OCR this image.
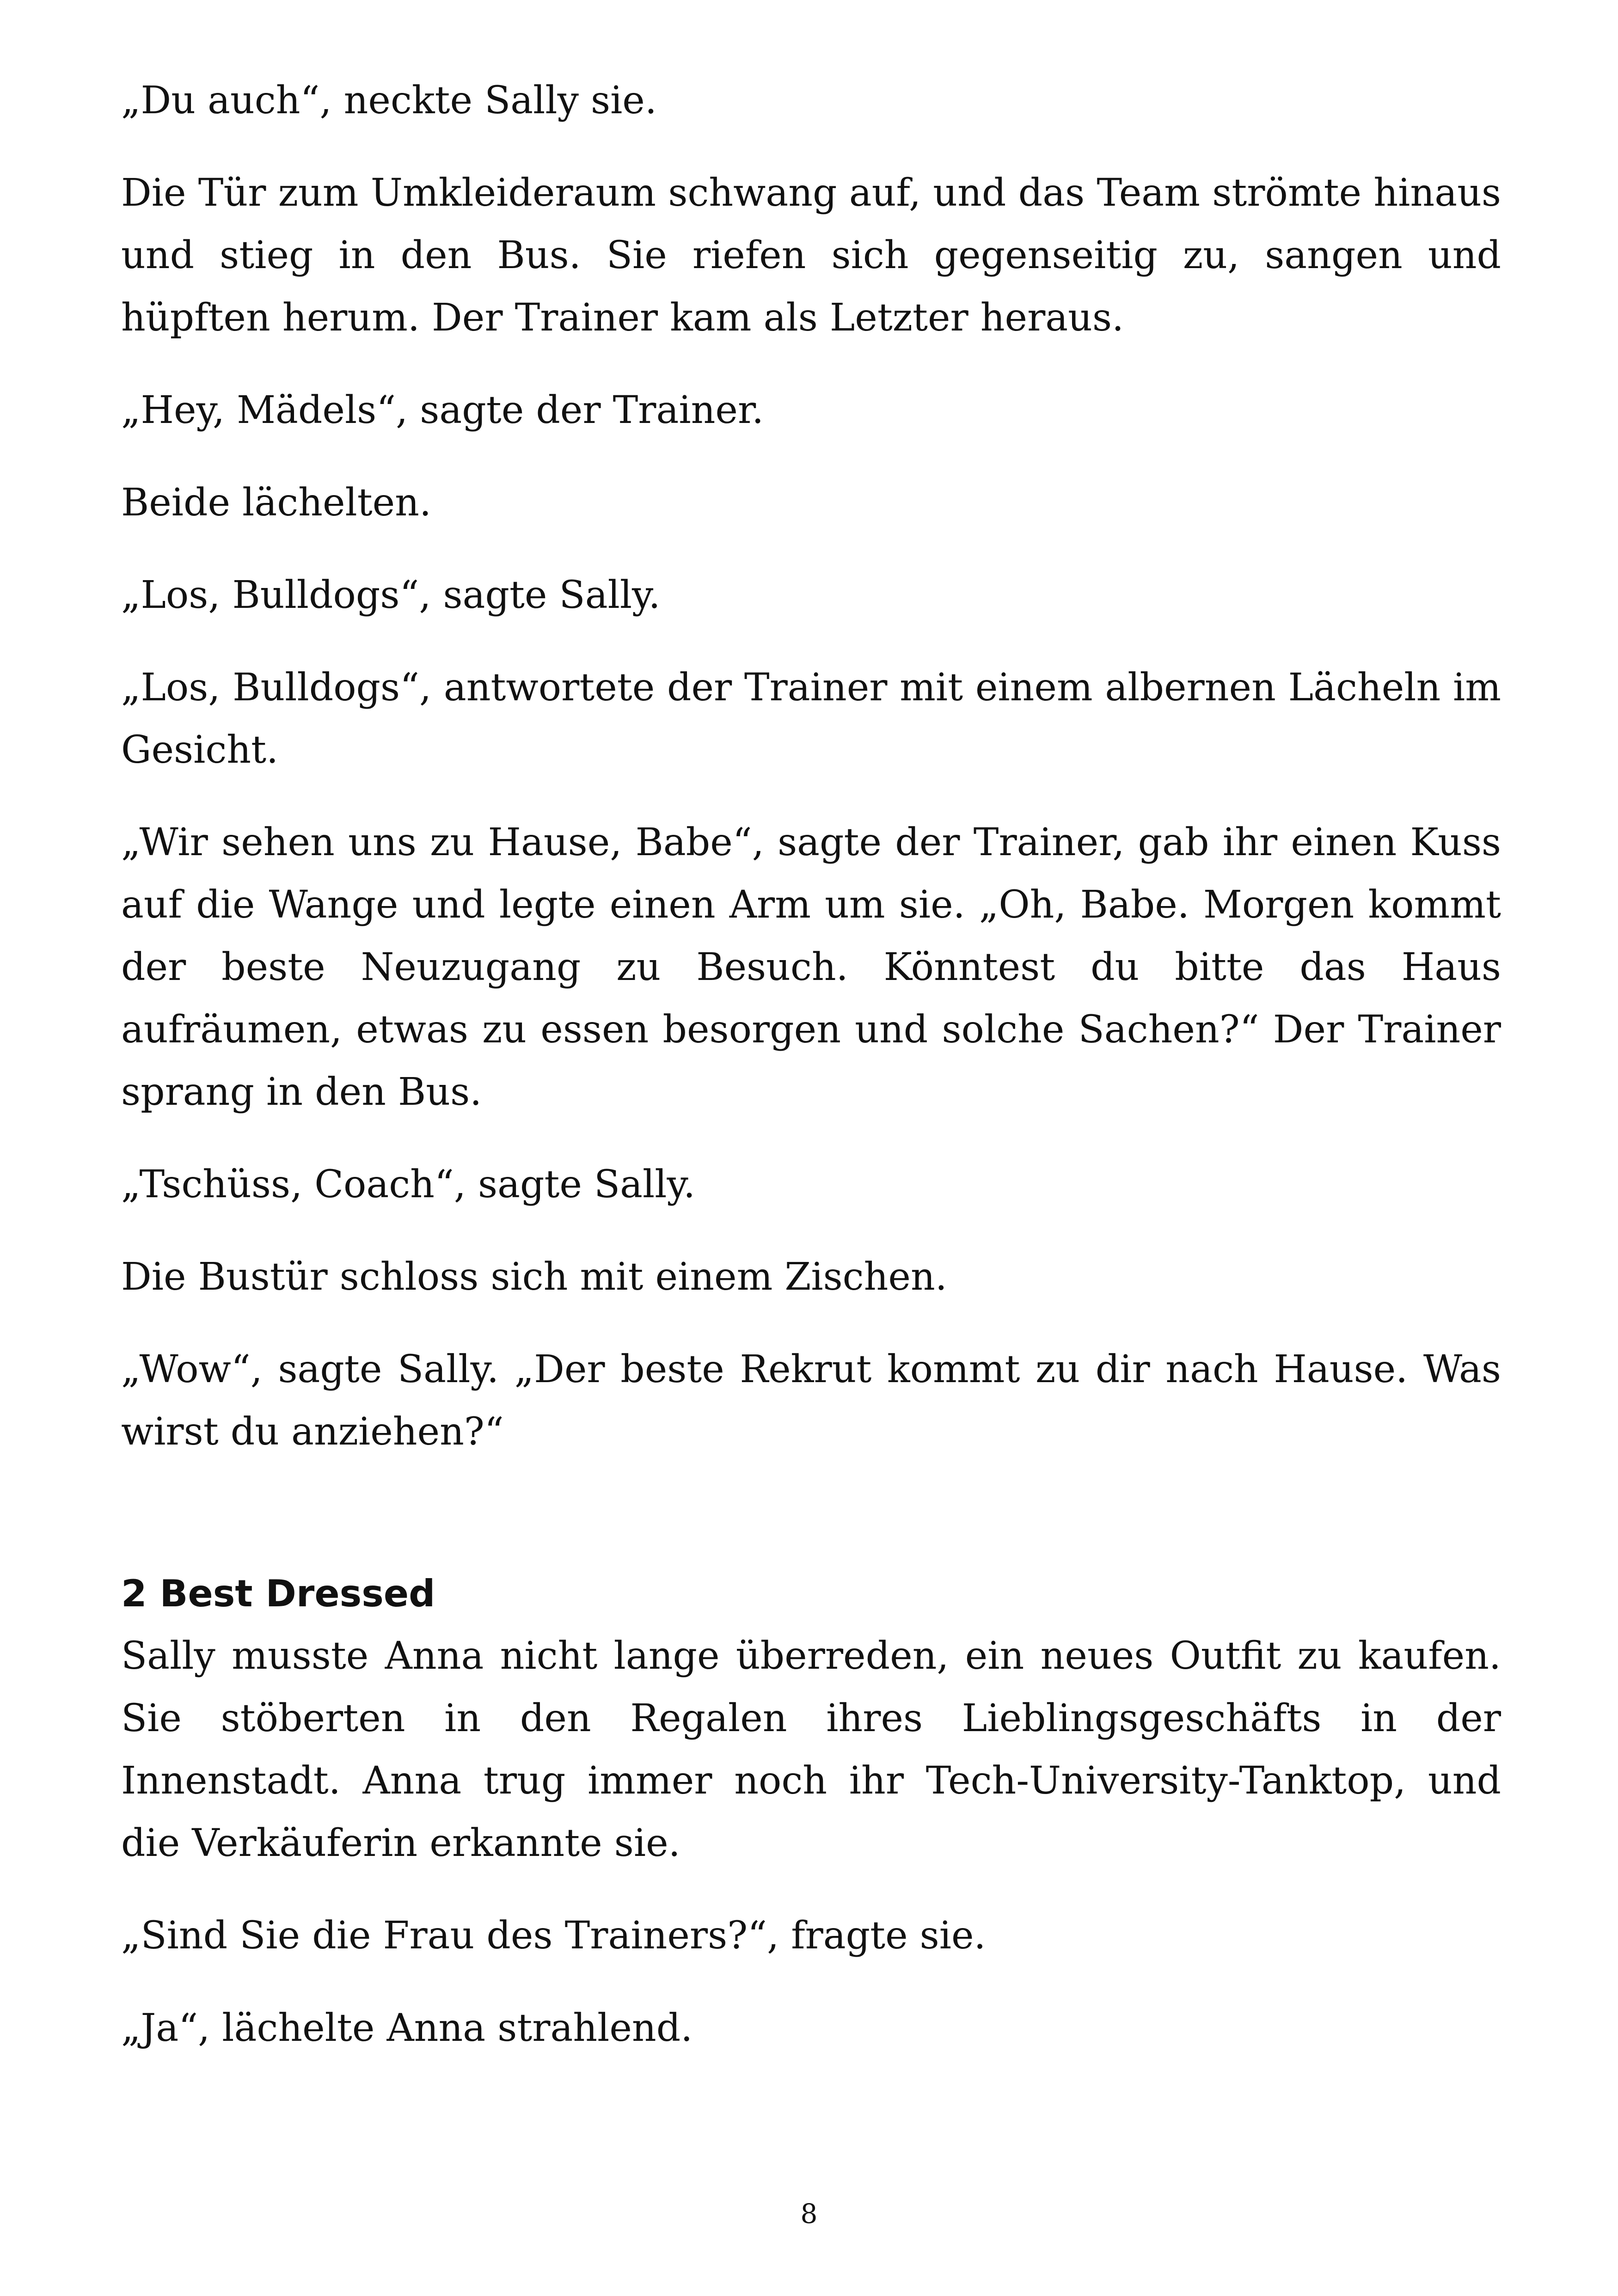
„Du auch“, neckte Sally sie.

Die Tür zum Umkleideraum schwang auf, und das Team strömte hinaus und stieg in den Bus. Sie riefen sich gegenseitig zu, sangen und hüpften herum. Der Trainer kam als Letzter heraus.

„Hey, Mädels“, sagte der Trainer.

Beide lächelten.

„Los, Bulldogs“, sagte Sally.

„Los, Bulldogs“, antwortete der Trainer mit einem albernen Lächeln im Gesicht.

„Wir sehen uns zu Hause, Babe“, sagte der Trainer, gab ihr einen Kuss auf die Wange und legte einen Arm um sie. „Oh, Babe. Morgen kommt der beste Neuzugang zu Besuch. Könntest du bitte das Haus aufräumen, etwas zu essen besorgen und solche Sachen?“ Der Trainer sprang in den Bus.

„Tschüss, Coach“, sagte Sally.

Die Bustür schloss sich mit einem Zischen.

„Wow“, sagte Sally. „Der beste Rekrut kommt zu dir nach Hause. Was wirst du anziehen?“

2 Best Dressed

Sally musste Anna nicht lange überreden, ein neues Outfit zu kaufen. Sie stöberten in den Regalen ihres Lieblingsgeschäfts in der Innenstadt. Anna trug immer noch ihr Tech-University-Tanktop, und die Verkäuferin erkannte sie.

„Sind Sie die Frau des Trainers?“, fragte sie.

„Ja“, lächelte Anna strahlend.

8
